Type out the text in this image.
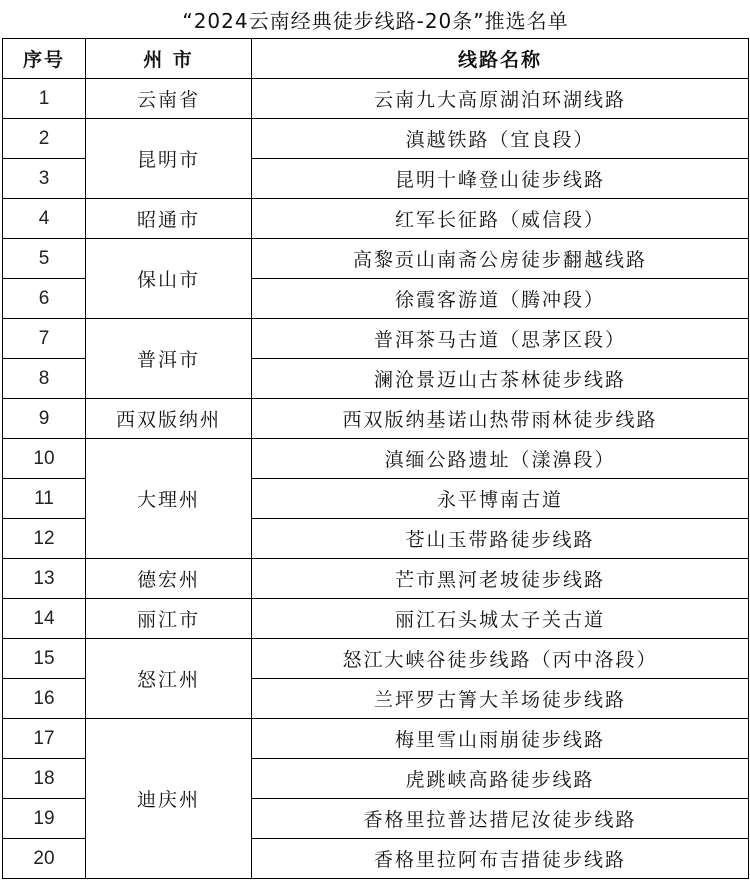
“2024云南经典徒步线路-20条”推选名单		
序号	州 市	线路名称
1	云南省	云南九大高原湖泊环湖线路
2	昆明市	滇越铁路（宜良段）
3		昆明十峰登山徒步线路
4	昭通市	红军长征路（威信段）
5	保山市	高黎贡山南斋公房徒步翻越线路
6		徐霞客游道（腾冲段）
7	普洱市	普洱茶马古道（思茅区段）
8		澜沧景迈山古茶林徒步线路
9	西双版纳州	西双版纳基诺山热带雨林徒步线路
10	大理州	滇缅公路遗址（漾濞段）
11		永平博南古道
12		苍山玉带路徒步线路
13	德宏州	芒市黑河老坡徒步线路
14	丽江市	丽江石头城太子关古道
15	怒江州	怒江大峡谷徒步线路（丙中洛段）
16		兰坪罗古箐大羊场徒步线路
17	迪庆州	梅里雪山雨崩徒步线路
18		虎跳峡高路徒步线路
19		香格里拉普达措尼汝徒步线路
20		香格里拉阿布吉措徒步线路
